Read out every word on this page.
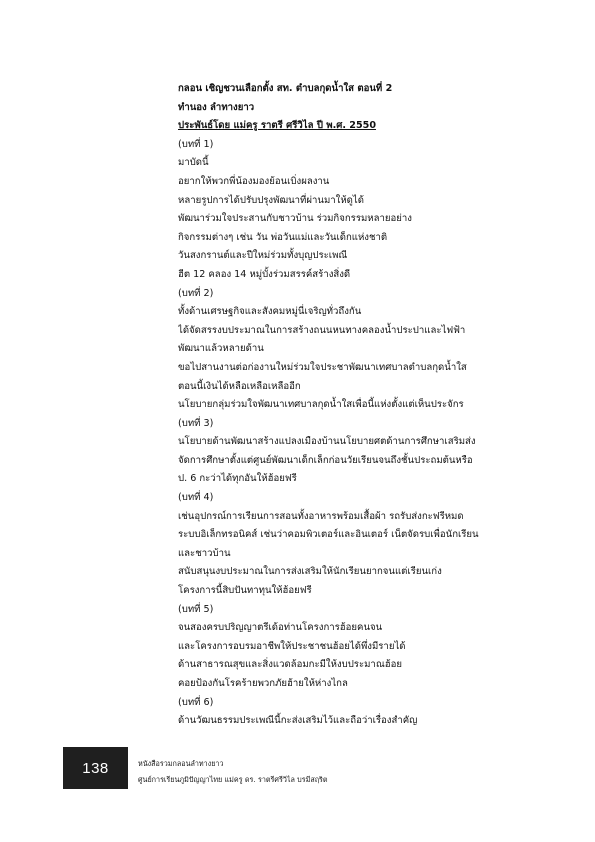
กลอน เชิญชวนเลือกตั้ง สท. ตำบลกุดน้ำใส ตอนที่ 2
ทำนอง ลำทางยาว
ประพันธ์โดย แม่ครู ราตรี ศรีวิไล ปี พ.ศ. 2550
(บทที่ 1)
มาบัดนี้
อยากให้พวกพี่น้องมองย้อนเบิ่งผลงาน
หลายรูปการได้ปรับปรุงพัฒนาที่ผ่านมาให้ดูได้
พัฒนาร่วมใจประสานกับชาวบ้าน ร่วมกิจกรรมหลายอย่าง
กิจกรรมต่างๆ เช่น วัน พ่อวันแม่และวันเด็กแห่งชาติ
วันสงกรานต์และปีใหม่ร่วมทั้งบุญประเพณี
ฮีต 12 คลอง 14 หมู่บั้งร่วมสรรค์สร้างสิ่งดี
(บทที่ 2)
ทั้งด้านเศรษฐกิจและสังคมหมู่นี่เจริญทั่วถึงกัน
ได้จัดสรรงบประมาณในการสร้างถนนหนทางคลองน้ำประปาและไฟฟ้า
พัฒนาแล้วหลายด้าน
ขอไปสานงานต่อก่องานใหม่ร่วมใจประชาพัฒนาเทศบาลตำบลกุดน้ำใส
ตอนนี้เงินได้หลือเหลือเหลืออีก
นโยบายกลุ่มร่วมใจพัฒนาเทศบาลกุดน้ำใสเพื่อนี้แห่งตั้งแต่เห็นประจักร
(บทที่ 3)
นโยบายด้านพัฒนาสร้างแปลงเมืองบ้านนโยบายศตด้านการศึกษาเสริมส่ง
จัดการศึกษาตั้งแต่ศูนย์พัฒนาเด็กเล็กก่อนวัยเรียนจนถึงชั้นประถมต้นหรือ
ป. 6 กะว่าได้ทุกอันให้ฮ้อยฟรี
(บทที่ 4)
เช่นอุปกรณ์การเรียนการสอนทั้งอาหารพร้อมเสื้อผ้า รถรับส่งกะฟรีหมด
ระบบอิเล็กทรอนิคส์ เช่นว่าคอมพิวเตอร์และอินเตอร์ เน็ตจัดรบเพื่อนักเรียน
และชาวบ้าน
สนับสนุนงบประมาณในการส่งเสริมให้นักเรียนยากจนแต่เรียนเก่ง
โครงการนี้สิบปันทาทุนให้ฮ้อยฟรี
(บทที่ 5)
จนสองครบปริญญาตรีเด้อท่านโครงการฮ้อยคนจน
และโครงการอบรมอาชีพให้ประชาชนฮ้อยได้พึ่งมีรายได้
ด้านสาธารณสุขและสิ่งแวดล้อมกะมีให้งบประมาณฮ้อย
คอยป้องกันโรคร้ายพวกภัยฮ้ายให้ห่างไกล
(บทที่ 6)
ด้านวัฒนธรรมประเพณีนี้กะส่งเสริมไว้และถือว่าเรื่องสำคัญ
138	หนังสือรวมกลอนลำทางยาว
ศูนย์การเรียนภูมิปัญญาไทย แม่ครู ดร. ราตรีศรีวิไล บรมีสฤริต
